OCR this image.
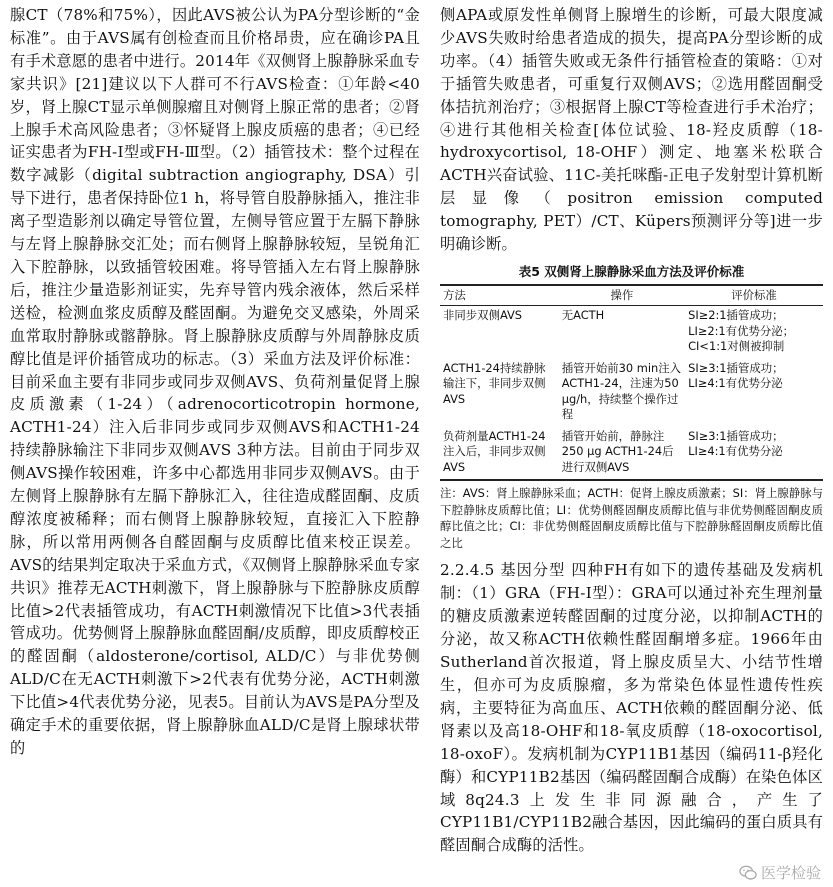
腺CT（78%和75%），因此AVS被公认为PA分型诊断的“金标准”。由于AVS属有创检查而且价格昂贵，应在确诊PA且有手术意愿的患者中进行。2014年《双侧肾上腺静脉采血专家共识》[21]建议以下人群可不行AVS检查：①年龄<40岁，肾上腺CT显示单侧腺瘤且对侧肾上腺正常的患者；②肾上腺手术高风险患者；③怀疑肾上腺皮质癌的患者；④已经证实患者为FH-Ⅰ型或FH-Ⅲ型。（2）插管技术：整个过程在数字减影（digital subtraction angiography, DSA）引导下进行，患者保持卧位1 h，将导管自股静脉插入，推注非离子型造影剂以确定导管位置，左侧导管应置于左膈下静脉与左肾上腺静脉交汇处；而右侧肾上腺静脉较短，呈锐角汇入下腔静脉，以致插管较困难。将导管插入左右肾上腺静脉后，推注少量造影剂证实，先弃导管内残余液体，然后采样送检，检测血浆皮质醇及醛固酮。为避免交叉感染，外周采血常取肘静脉或髂静脉。肾上腺静脉皮质醇与外周静脉皮质醇比值是评价插管成功的标志。（3）采血方法及评价标准：目前采血主要有非同步或同步双侧AVS、负荷剂量促肾上腺皮质激素（1-24）（adrenocorticotropin hormone, ACTH1-24）注入后非同步或同步双侧AVS和ACTH1-24持续静脉输注下非同步双侧AVS 3种方法。目前由于同步双侧AVS操作较困难，许多中心都选用非同步双侧AVS。由于左侧肾上腺静脉有左膈下静脉汇入，往往造成醛固酮、皮质醇浓度被稀释；而右侧肾上腺静脉较短，直接汇入下腔静脉，所以常用两侧各自醛固酮与皮质醇比值来校正误差。AVS的结果判定取决于采血方式，《双侧肾上腺静脉采血专家共识》推荐无ACTH刺激下，肾上腺静脉与下腔静脉皮质醇比值>2代表插管成功，有ACTH刺激情况下比值>3代表插管成功。优势侧肾上腺静脉血醛固酮/皮质醇，即皮质醇校正的醛固酮（aldosterone/cortisol, ALD/C）与非优势侧ALD/C在无ACTH刺激下>2代表有优势分泌，ACTH刺激下比值>4代表优势分泌，见表5。目前认为AVS是PA分型及确定手术的重要依据，肾上腺静脉血ALD/C是肾上腺球状带的

侧APA或原发性单侧肾上腺增生的诊断，可最大限度减少AVS失败时给患者造成的损失，提高PA分型诊断的成功率。（4）插管失败或无条件行插管检查的策略：①对于插管失败患者，可重复行双侧AVS；②选用醛固酮受体拮抗剂治疗；③根据肾上腺CT等检查进行手术治疗；④进行其他相关检查[体位试验、18-羟皮质醇（18-hydroxycortisol, 18-OHF）测定、地塞米松联合ACTH兴奋试验、11C-美托咪酯-正电子发射型计算机断层显像（positron emission computed tomography, PET）/CT、Küpers预测评分等]进一步明确诊断。

表5 双侧肾上腺静脉采血方法及评价标准
方法	操作	评价标准
非同步双侧AVS	无ACTH	SI≥2:1插管成功；
LI≥2:1有优势分泌；
CI<1:1对侧被抑制
ACTH1-24持续静脉输注下，非同步双侧AVS	插管开始前30 min注入ACTH1-24，注速为50 μg/h，持续整个操作过程	SI≥3:1插管成功；
LI≥4:1有优势分泌
负荷剂量ACTH1-24注入后，非同步双侧AVS	插管开始前，静脉注250 μg ACTH1-24后进行双侧AVS	SI≥3:1插管成功；
LI≥4:1有优势分泌
注：AVS：肾上腺静脉采血；ACTH：促肾上腺皮质激素；SI：肾上腺静脉与下腔静脉皮质醇比值；LI：优势侧醛固酮皮质醇比值与非优势侧醛固酮皮质醇比值之比；CI：非优势侧醛固酮皮质醇比值与下腔静脉醛固酮皮质醇比值之比

2.2.4.5 基因分型 四种FH有如下的遗传基础及发病机制：（1）GRA（FH-Ⅰ型）：GRA可以通过补充生理剂量的糖皮质激素逆转醛固酮的过度分泌，以抑制ACTH的分泌，故又称ACTH依赖性醛固酮增多症。1966年由Sutherland首次报道，肾上腺皮质呈大、小结节性增生，但亦可为皮质腺瘤，多为常染色体显性遗传性疾病，主要特征为高血压、ACTH依赖的醛固酮分泌、低肾素以及高18-OHF和18-氧皮质醇（18-oxocortisol, 18-oxoF）。发病机制为CYP11B1基因（编码11-β羟化酶）和CYP11B2基因（编码醛固酮合成酶）在染色体区域8q24.3上发生非同源融合，产生了CYP11B1/CYP11B2融合基因，因此编码的蛋白质具有醛固酮合成酶的活性。

医学检验
